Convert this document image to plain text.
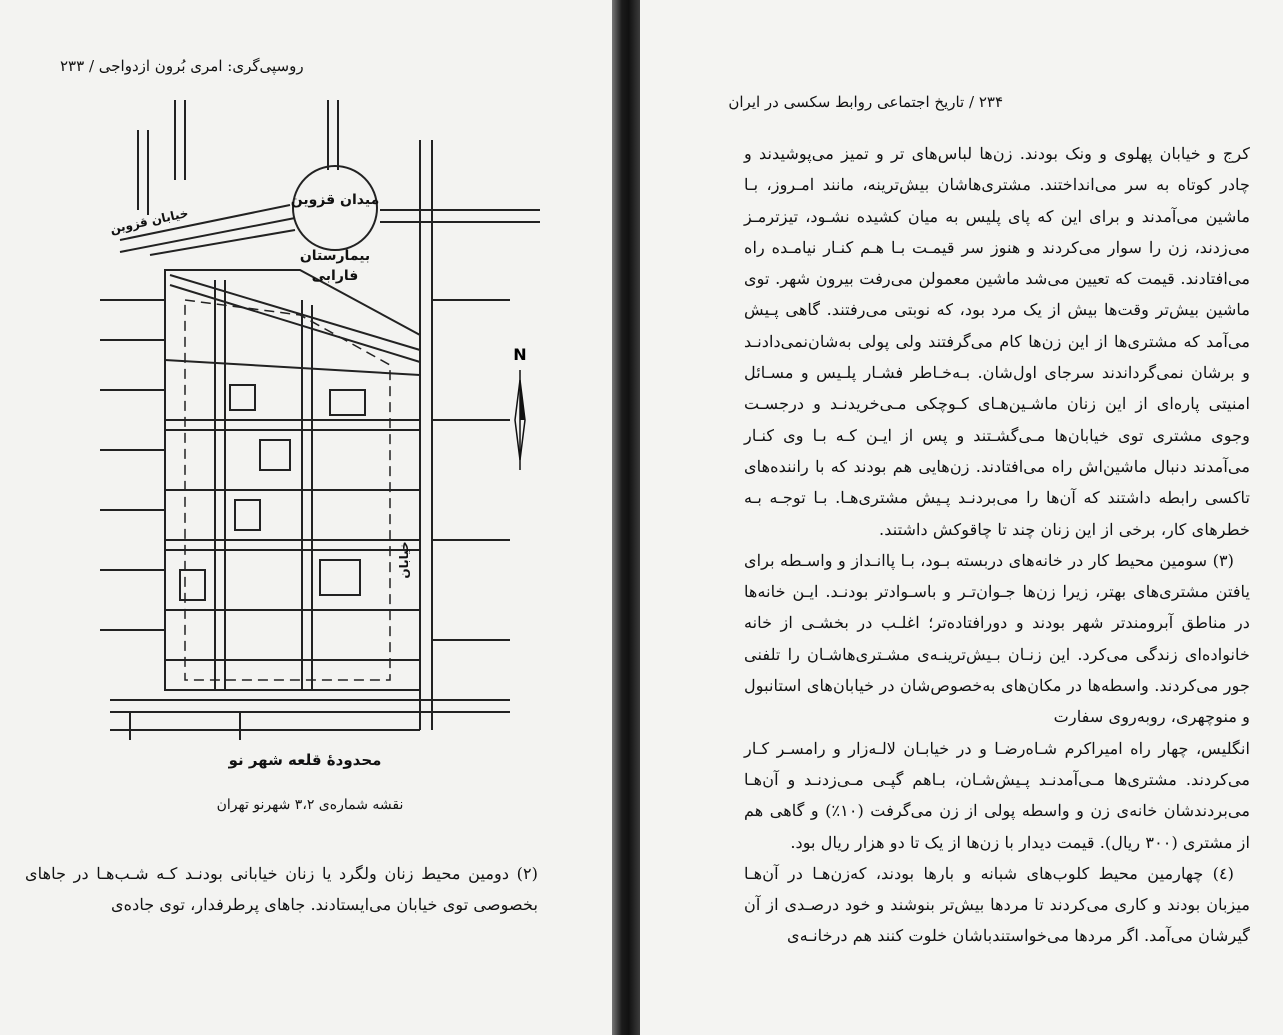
روسپی‌گری: امری بُرون ازدواجی / ۲۳۳
میدان قزوین
بیمارستان
فارابی
خیابان قزوین
خیابان
محدودهٔ قلعه شهر نو
N
نقشه شماره‌ی ۳،۲ شهرنو تهران
(۲) دومین محیط زنان ولگرد یا زنان خیابانی بودنـد کـه شـب‌هـا در جاهای بخصوصی توی خیابان می‌ایستادند. جاهای پرطرفدار، توی جاده‌ی
۲۳۴ / تاریخ اجتماعی روابط سکسی در ایران

کرج و خیابان پهلوی و ونک بودند. زن‌ها لباس‌های تر و تمیز می‌پوشیدند و چادر کوتاه به سر می‌انداختند. مشتری‌هاشان بیش‌ترینه، مانند امـروز، بـا ماشین می‌آمدند و برای این که پای پلیس به میان کشیده نشـود، تیزترمـز می‌زدند، زن را سوار می‌کردند و هنوز سر قیمـت بـا هـم کنـار نیامـده راه می‌افتادند. قیمت که تعیین می‌شد ماشین معمولن می‌رفت بیرون شهر. توی ماشین بیش‌تر وقت‌ها بیش از یک مرد بود، که نوبتی می‌رفتند. گاهی پـیش می‌آمد که مشتری‌ها از این زن‌ها کام می‌گرفتند ولی پولی به‌شان‌نمی‌دادنـد و برشان نمی‌گرداندند سرجای اول‌شان. بـه‌خـاطر فشـار پلـیس و مسـائل امنیتی پاره‌ای از این زنان ماشـین‌هـای کـوچکی مـی‌خریدنـد و درجسـت وجوی مشتری توی خیابان‌ها مـی‌گشـتند و پس از ایـن کـه بـا وی کنـار می‌آمدند دنبال ماشین‌اش راه می‌افتادند. زن‌هایی هم بودند که با راننده‌های تاکسی رابطه داشتند که آن‌ها را می‌بردنـد پـیش مشتری‌هـا. بـا توجـه بـه خطرهای کار، برخی از این زنان چند تا چاقوکش داشتند.

(۳) سومین محیط کار در خانه‌های دربسته بـود، بـا پاانـداز و واسـطه برای یافتن مشتری‌های بهتر، زیرا زن‌ها جـوان‌تـر و باسـوادتر بودنـد. ایـن خانه‌ها در مناطق آبرومندتر شهر بودند و دورافتاده‌تر؛ اغلـب در بخشـی از خانه خانواده‌ای زندگی می‌کرد. این زنـان بـیش‌ترینـه‌ی مشـتری‌هاشـان را تلفنی جور می‌کردند. واسطه‌ها در مکان‌های به‌خصوص‌شان در خیابان‌های استانبول و منوچهری، روبه‌روی سفارت

انگلیس، چهار راه امیراکرم شـاه‌رضـا و در خیابـان لالـه‌زار و رامسـر کـار می‌کردند. مشتری‌ها مـی‌آمدنـد پـیش‌شـان، بـاهم گپـی مـی‌زدنـد و آن‌هـا می‌بردندشان خانه‌ی زن و واسطه پولی از زن می‌گرفت (۱۰٪) و گاهی هم از مشتری (۳۰۰ ریال). قیمت دیدار با زن‌ها از یک تا دو هزار ریال بود.

(٤) چهارمین محیط کلوب‌های شبانه و بارها بودند، که‌زن‌هـا در آن‌هـا میزبان بودند و کاری می‌کردند تا مردها بیش‌تر بنوشند و خود درصـدی از آن گیرشان می‌آمد. اگر مردها می‌خواستندباشان خلوت کنند هم درخانـه‌ی
